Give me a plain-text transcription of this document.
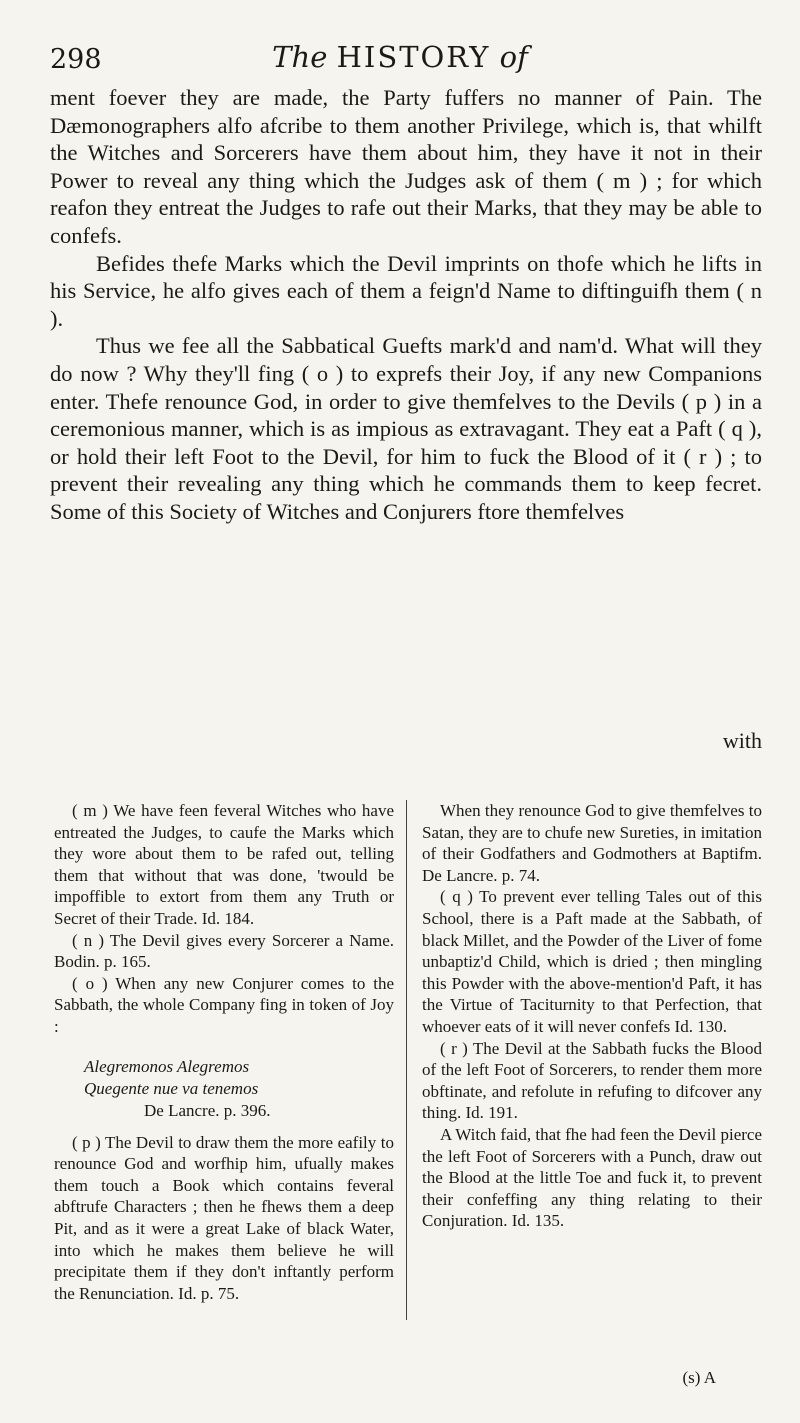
298	The HISTORY of

ment foever they are made, the Party fuffers no manner of Pain. The Dæmonographers alfo afcribe to them another Privilege, which is, that whilft the Witches and Sorcerers have them about him, they have it not in their Power to reveal any thing which the Judges ask of them ( m ) ; for which reafon they entreat the Judges to rafe out their Marks, that they may be able to confefs.

Befides thefe Marks which the Devil imprints on thofe which he lifts in his Service, he alfo gives each of them a feign'd Name to diftinguifh them ( n ).

Thus we fee all the Sabbatical Guefts mark'd and nam'd. What will they do now ? Why they'll fing ( o ) to exprefs their Joy, if any new Companions enter. Thefe renounce God, in order to give themfelves to the Devils ( p ) in a ceremonious manner, which is as impious as extravagant. They eat a Paft ( q ), or hold their left Foot to the Devil, for him to fuck the Blood of it ( r ) ; to prevent their revealing any thing which he commands them to keep fecret. Some of this Society of Witches and Conjurers ftore themfelves

with

( m ) We have feen feveral Witches who have entreated the Judges, to caufe the Marks which they wore about them to be rafed out, telling them that without that was done, 'twould be impoffible to extort from them any Truth or Secret of their Trade. Id. 184.

( n ) The Devil gives every Sorcerer a Name. Bodin. p. 165.

( o ) When any new Conjurer comes to the Sabbath, the whole Company fing in token of Joy :

Alegremonos Alegremos
Quegente nue va tenemos
De Lancre. p. 396.

( p ) The Devil to draw them the more eafily to renounce God and worfhip him, ufually makes them touch a Book which contains feveral abftrufe Characters ; then he fhews them a deep Pit, and as it were a great Lake of black Water, into which he makes them believe he will precipitate them if they don't inftantly perform the Renunciation. Id. p. 75.

When they renounce God to give themfelves to Satan, they are to chufe new Sureties, in imitation of their Godfathers and Godmothers at Baptifm. De Lancre. p. 74.

( q ) To prevent ever telling Tales out of this School, there is a Paft made at the Sabbath, of black Millet, and the Powder of the Liver of fome unbaptiz'd Child, which is dried ; then mingling this Powder with the above-mention'd Paft, it has the Virtue of Taciturnity to that Perfection, that whoever eats of it will never confefs Id. 130.

( r ) The Devil at the Sabbath fucks the Blood of the left Foot of Sorcerers, to render them more obftinate, and refolute in refufing to difcover any thing. Id. 191.

A Witch faid, that fhe had feen the Devil pierce the left Foot of Sorcerers with a Punch, draw out the Blood at the little Toe and fuck it, to prevent their confeffing any thing relating to their Conjuration. Id. 135.

(s) A
